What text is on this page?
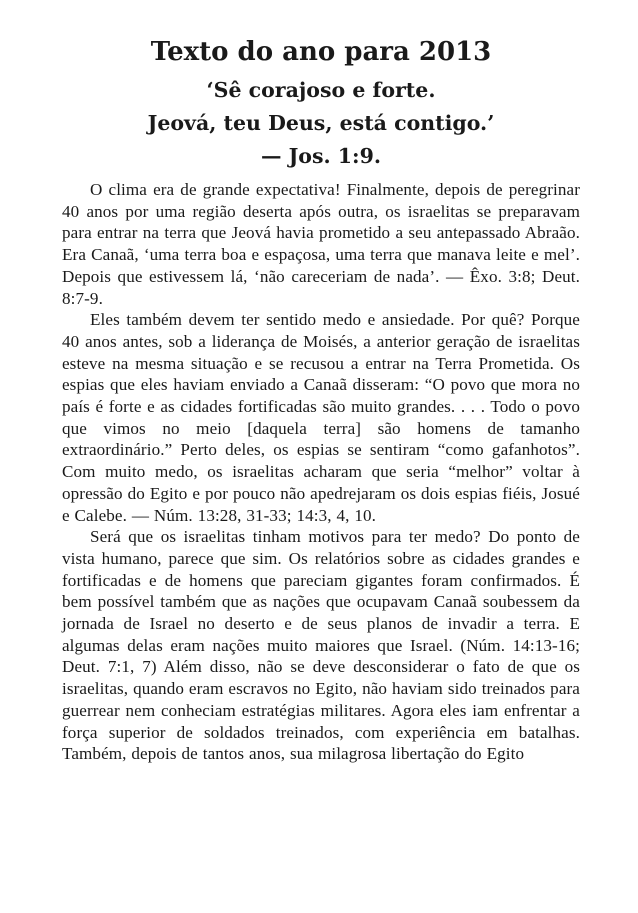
Texto do ano para 2013
‘Sê corajoso e forte.
Jeová, teu Deus, está contigo.’
— Jos. 1:9.

O clima era de grande expectativa! Finalmente, depois de peregrinar 40 anos por uma região deserta após outra, os israelitas se preparavam para entrar na terra que Jeová havia prometido a seu antepassado Abraão. Era Canaã, ‘uma terra boa e espaçosa, uma terra que manava leite e mel’. Depois que estivessem lá, ‘não careceriam de nada’. — Êxo. 3:8; Deut. 8:7-9.

Eles também devem ter sentido medo e ansiedade. Por quê? Porque 40 anos antes, sob a liderança de Moisés, a anterior geração de israelitas esteve na mesma situação e se recusou a entrar na Terra Prometida. Os espias que eles haviam enviado a Canaã disseram: “O povo que mora no país é forte e as cidades fortificadas são muito grandes. . . . Todo o povo que vimos no meio [daquela terra] são homens de tamanho extraordinário.” Perto deles, os espias se sentiram “como gafanhotos”. Com muito medo, os israelitas acharam que seria “melhor” voltar à opressão do Egito e por pouco não apedrejaram os dois espias fiéis, Josué e Calebe. — Núm. 13:28, 31-33; 14:3, 4, 10.

Será que os israelitas tinham motivos para ter medo? Do ponto de vista humano, parece que sim. Os relatórios sobre as cidades grandes e fortificadas e de homens que pareciam gigantes foram confirmados. É bem possível também que as nações que ocupavam Canaã soubessem da jornada de Israel no deserto e de seus planos de invadir a terra. E algumas delas eram nações muito maiores que Israel. (Núm. 14:13-16; Deut. 7:1, 7) Além disso, não se deve desconsiderar o fato de que os israelitas, quando eram escravos no Egito, não haviam sido treinados para guerrear nem conheciam estratégias militares. Agora eles iam enfrentar a força superior de soldados treinados, com experiência em batalhas. Também, depois de tantos anos, sua milagrosa libertação do Egito
